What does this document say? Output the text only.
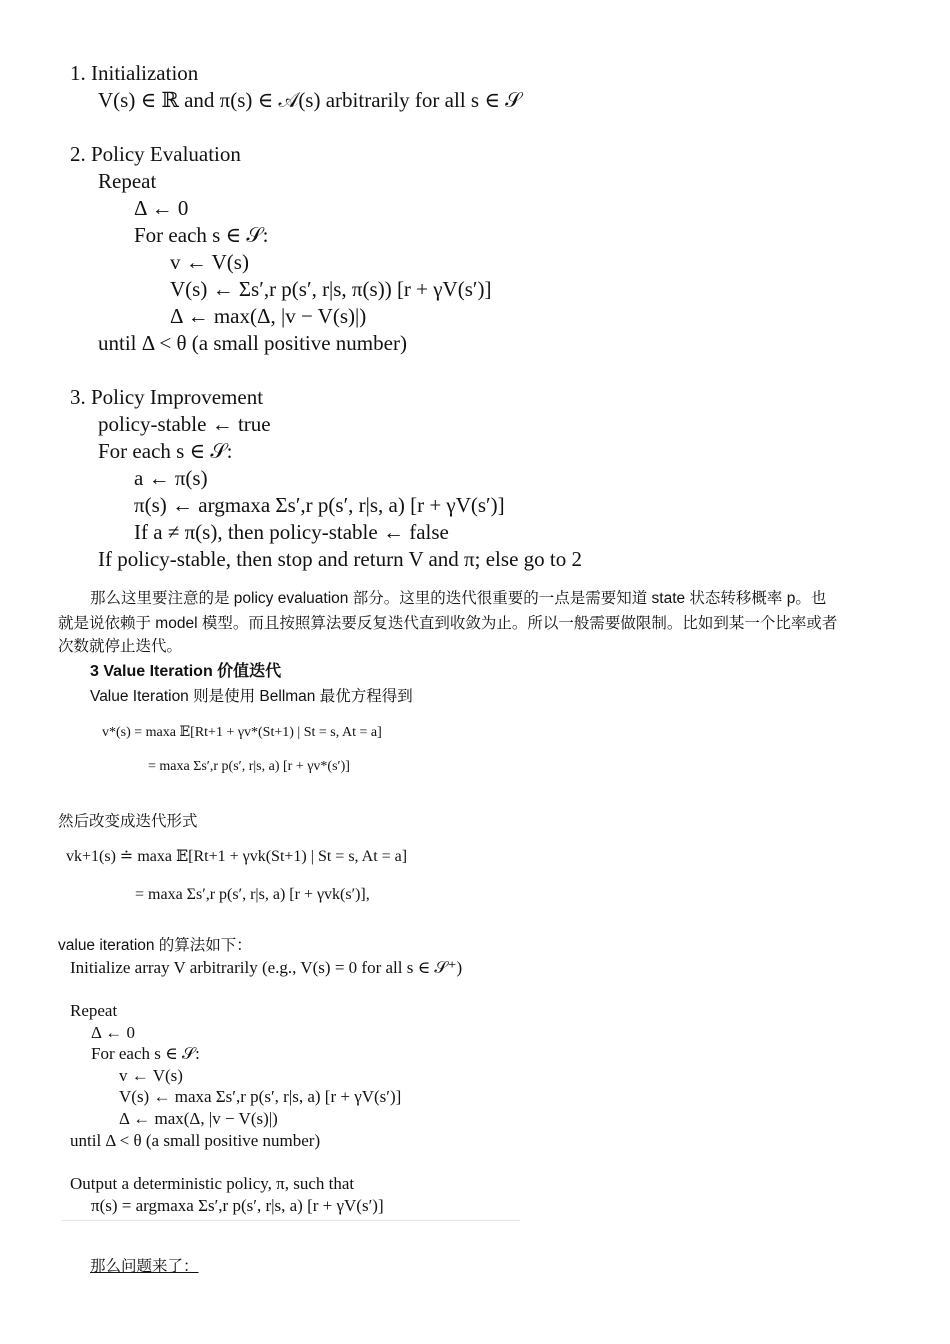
1. Initialization
V(s) ∈ ℝ and π(s) ∈ 𝒜(s) arbitrarily for all s ∈ 𝒮
2. Policy Evaluation
Repeat
Δ ← 0
For each s ∈ 𝒮:
v ← V(s)
V(s) ← Σs′,r p(s′, r|s, π(s)) [r + γV(s′)]
Δ ← max(Δ, |v − V(s)|)
until Δ < θ (a small positive number)
3. Policy Improvement
policy-stable ← true
For each s ∈ 𝒮:
a ← π(s)
π(s) ← argmaxa Σs′,r p(s′, r|s, a) [r + γV(s′)]
If a ≠ π(s), then policy-stable ← false
If policy-stable, then stop and return V and π; else go to 2
那么这里要注意的是 policy evaluation 部分。这里的迭代很重要的一点是需要知道 state 状态转移概率 p。也
就是说依赖于 model 模型。而且按照算法要反复迭代直到收敛为止。所以一般需要做限制。比如到某一个比率或者
次数就停止迭代。
3 Value Iteration 价值迭代
Value Iteration 则是使用 Bellman 最优方程得到
v*(s) = maxa 𝔼[Rt+1 + γv*(St+1) | St = s, At = a]
= maxa Σs′,r p(s′, r|s, a) [r + γv*(s′)]
然后改变成迭代形式
vk+1(s) ≐ maxa 𝔼[Rt+1 + γvk(St+1) | St = s, At = a]
= maxa Σs′,r p(s′, r|s, a) [r + γvk(s′)],
value iteration 的算法如下：
Initialize array V arbitrarily (e.g., V(s) = 0 for all s ∈ 𝒮⁺)
Repeat
Δ ← 0
For each s ∈ 𝒮:
v ← V(s)
V(s) ← maxa Σs′,r p(s′, r|s, a) [r + γV(s′)]
Δ ← max(Δ, |v − V(s)|)
until Δ < θ (a small positive number)
Output a deterministic policy, π, such that
π(s) = argmaxa Σs′,r p(s′, r|s, a) [r + γV(s′)]
那么问题来了：
